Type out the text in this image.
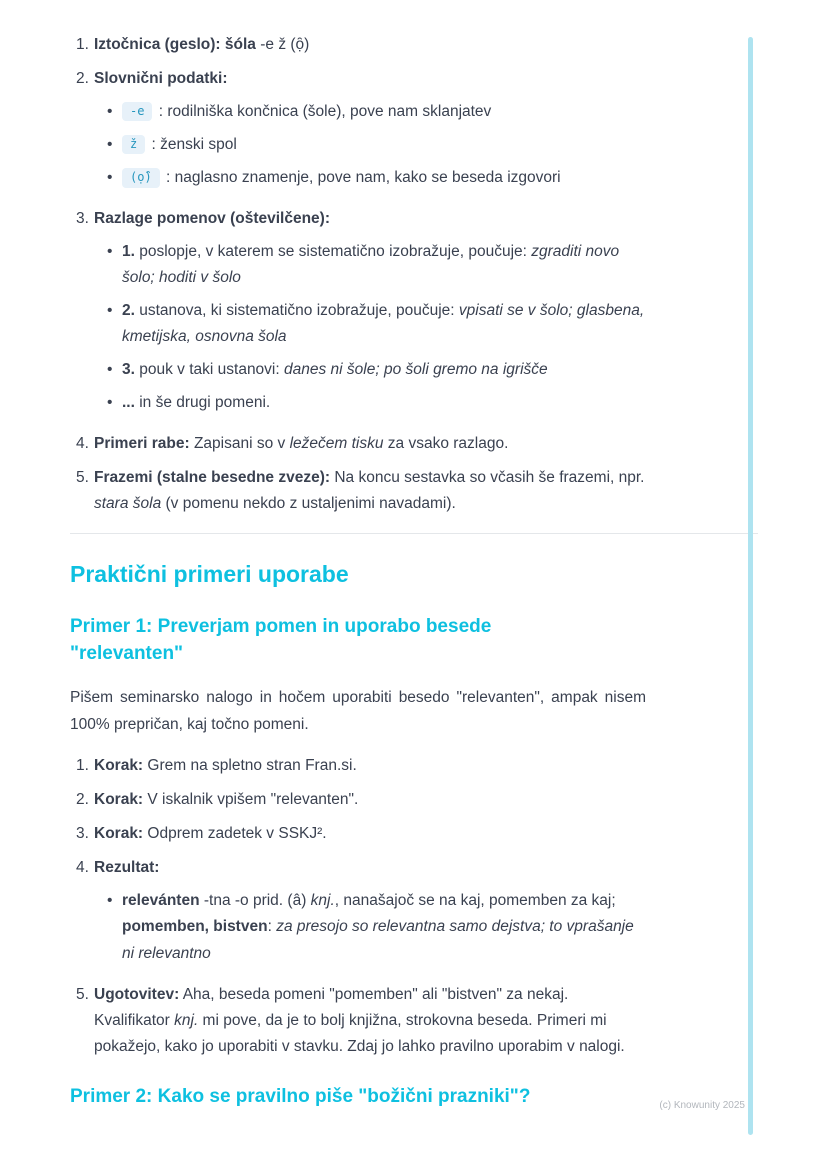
1. Iztočnica (geslo): šóla -e ž (ọ̑)
2. Slovnični podatki:
•
-e : rodilniška končnica (šole), pove nam sklanjatev
•
ž : ženski spol
•
(ọ̑) : naglasno znamenje, pove nam, kako se beseda izgovori
3. Razlage pomenov (oštevilčene):
•
1. poslopje, v katerem se sistematično izobražuje, poučuje: zgraditi novo šolo; hoditi v šolo
•
2. ustanova, ki sistematično izobražuje, poučuje: vpisati se v šolo; glasbena, kmetijska, osnovna šola
•
3. pouk v taki ustanovi: danes ni šole; po šoli gremo na igrišče
•
... in še drugi pomeni.
4. Primeri rabe: Zapisani so v ležečem tisku za vsako razlago.
5. Frazemi (stalne besedne zveze): Na koncu sestavka so včasih še frazemi, npr. stara šola (v pomenu nekdo z ustaljenimi navadami).
Praktični primeri uporabe
Primer 1: Preverjam pomen in uporabo besede "relevanten"

Pišem seminarsko nalogo in hočem uporabiti besedo "relevanten", ampak nisem 100% prepričan, kaj točno pomeni.

1. Korak: Grem na spletno stran Fran.si.
2. Korak: V iskalnik vpišem "relevanten".
3. Korak: Odprem zadetek v SSKJ².
4. Rezultat:
•
relevánten -tna -o prid. (â) knj., nanašajoč se na kaj, pomemben za kaj; pomemben, bistven: za presojo so relevantna samo dejstva; to vprašanje ni relevantno
5. Ugotovitev: Aha, beseda pomeni "pomemben" ali "bistven" za nekaj. Kvalifikator knj. mi pove, da je to bolj knjižna, strokovna beseda. Primeri mi pokažejo, kako jo uporabiti v stavku. Zdaj jo lahko pravilno uporabim v nalogi.
Primer 2: Kako se pravilno piše "božični prazniki"?	(c) Knowunity 2025
